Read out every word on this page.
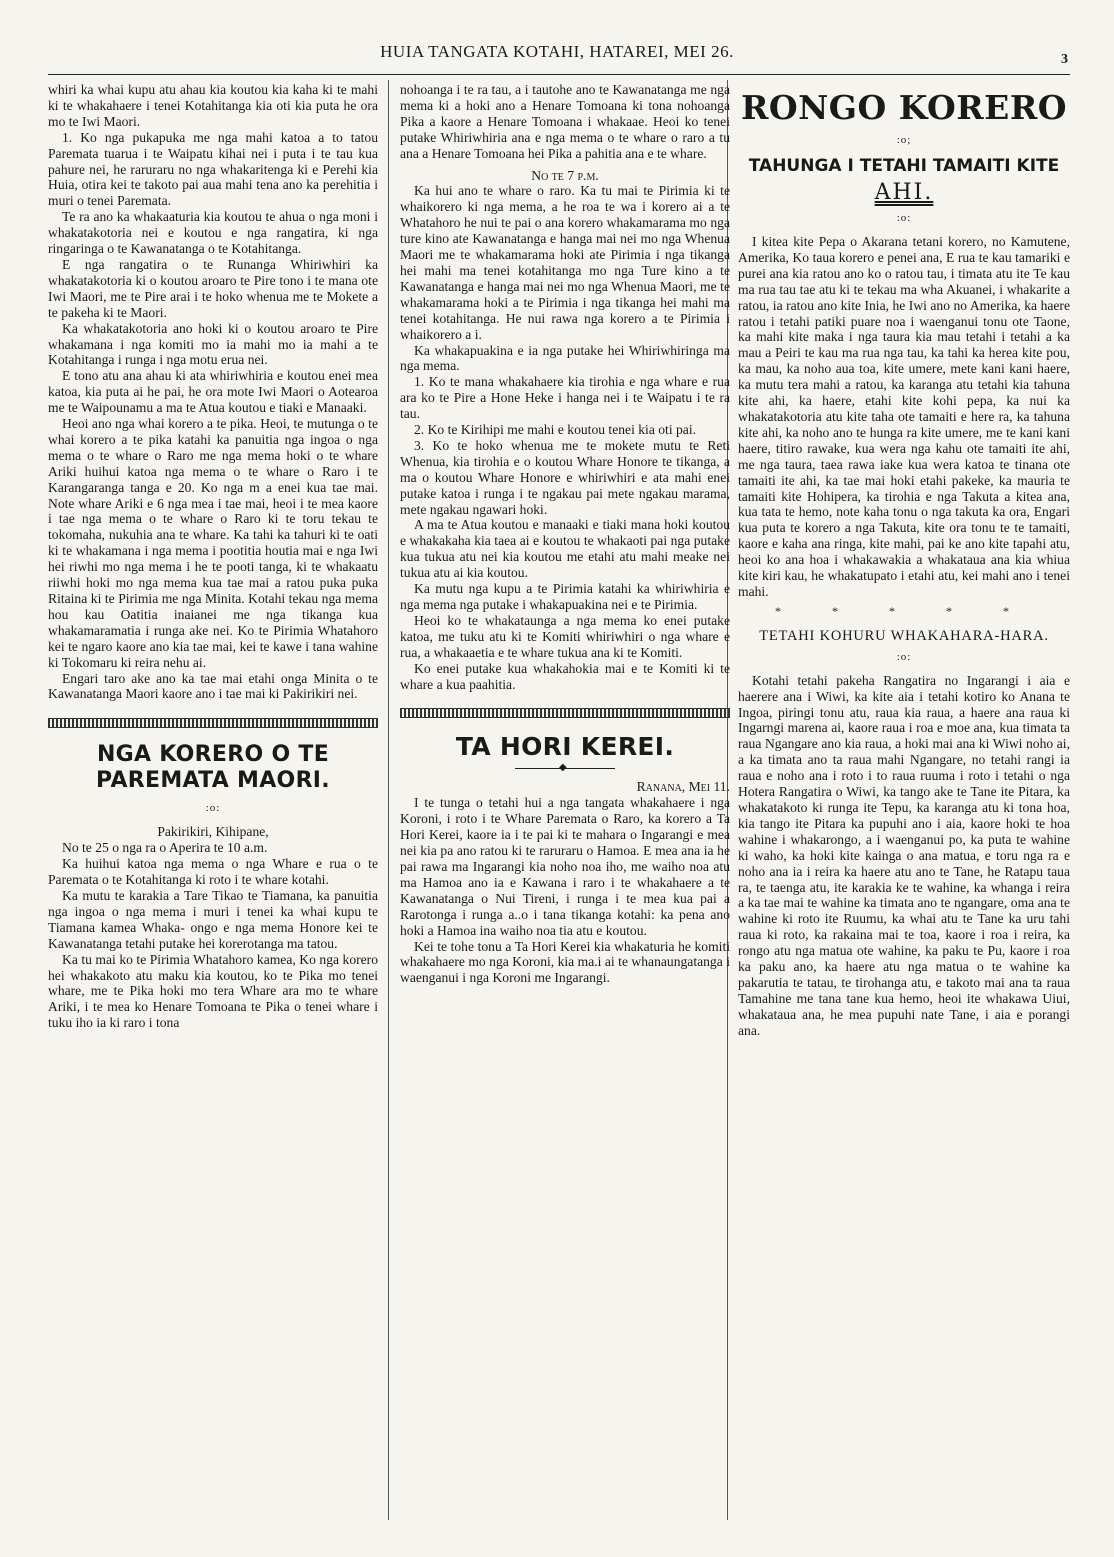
HUIA TANGATA KOTAHI, HATAREI, MEI 26.	3

whiri ka whai kupu atu ahau kia koutou kia kaha ki te mahi ki te whakahaere i tenei Kotahitanga kia oti kia puta he ora mo te Iwi Maori.

1. Ko nga pukapuka me nga mahi katoa a to tatou Paremata tuarua i te Waipatu kihai nei i puta i te tau kua pahure nei, he raruraru no nga whakaritenga ki e Perehi kia Huia, otira kei te takoto pai aua mahi tena ano ka perehitia i muri o tenei Paremata.

Te ra ano ka whakaaturia kia koutou te ahua o nga moni i whakatakotoria nei e koutou e nga rangatira, ki nga ringaringa o te Kawanatanga o te Kotahitanga.

E nga rangatira o te Runanga Whiriwhiri ka whakatakotoria ki o koutou aroaro te Pire tono i te mana ote Iwi Maori, me te Pire arai i te hoko whenua me te Mokete a te pakeha ki te Maori.

Ka whakatakotoria ano hoki ki o koutou aroaro te Pire whakamana i nga komiti mo ia mahi mo ia mahi a te Kotahitanga i runga i nga motu erua nei.

E tono atu ana ahau ki ata whiriwhiria e koutou enei mea katoa, kia puta ai he pai, he ora mote Iwi Maori o Aotearoa me te Waipounamu a ma te Atua koutou e tiaki e Manaaki.

Heoi ano nga whai korero a te pika. Heoi, te mutunga o te whai korero a te pika katahi ka panuitia nga ingoa o nga mema o te whare o Raro me nga mema hoki o te whare Ariki huihui katoa nga mema o te whare o Raro i te Karangaranga tanga e 20. Ko nga m a enei kua tae mai. Note whare Ariki e 6 nga mea i tae mai, heoi i te mea kaore i tae nga mema o te whare o Raro ki te toru tekau te tokomaha, nukuhia ana te whare. Ka tahi ka tahuri ki te oati ki te whakamana i nga mema i pootitia houtia mai e nga Iwi hei riwhi mo nga mema i he te pooti tanga, ki te whakaatu riiwhi hoki mo nga mema kua tae mai a ratou puka puka Ritaina ki te Pirimia me nga Minita. Kotahi tekau nga mema hou kau Oatitia inaianei me nga tikanga kua whakamaramatia i runga ake nei. Ko te Pirimia Whatahoro kei te ngaro kaore ano kia tae mai, kei te kawe i tana wahine ki Tokomaru ki reira nehu ai.

Engari taro ake ano ka tae mai etahi onga Minita o te Kawanatanga Maori kaore ano i tae mai ki Pakirikiri nei.

NGA KORERO O TE PAREMATA MAORI.
:o:

Pakirikiri, Kihipane,

No te 25 o nga ra o Aperira te 10 a.m.

Ka huihui katoa nga mema o nga Whare e rua o te Paremata o te Kotahitanga ki roto i te whare kotahi.

Ka mutu te karakia a Tare Tikao te Tiamana, ka panuitia nga ingoa o nga mema i muri i tenei ka whai kupu te Tiamana kamea Whaka- ongo e nga mema Honore kei te Kawanatanga tetahi putake hei korerotanga ma tatou.

Ka tu mai ko te Pirimia Whatahoro kamea, Ko nga korero hei whakakoto atu maku kia koutou, ko te Pika mo tenei whare, me te Pika hoki mo tera Whare ara mo te whare Ariki, i te mea ko Henare Tomoana te Pika o tenei whare i tuku iho ia ki raro i tona

nohoanga i te ra tau, a i tautohe ano te Kawanatanga me nga mema ki a hoki ano a Henare Tomoana ki tona nohoanga Pika a kaore a Henare Tomoana i whakaae. Heoi ko tenei putake Whiriwhiria ana e nga mema o te whare o raro a tu ana a Henare Tomoana hei Pika a pahitia ana e te whare.

No te 7 p.m.

Ka hui ano te whare o raro. Ka tu mai te Pirimia ki te whaikorero ki nga mema, a he roa te wa i korero ai a te Whatahoro he nui te pai o ana korero whakamarama mo nga ture kino ate Kawanatanga e hanga mai nei mo nga Whenua Maori me te whakamarama hoki ate Pirimia i nga tikanga hei mahi ma tenei kotahitanga mo nga Ture kino a te Kawanatanga e hanga mai nei mo nga Whenua Maori, me te whakamarama hoki a te Pirimia i nga tikanga hei mahi ma tenei kotahitanga. He nui rawa nga korero a te Pirimia i whaikorero a i.

Ka whakapuakina e ia nga putake hei Whiriwhiringa ma nga mema.

1. Ko te mana whakahaere kia tirohia e nga whare e rua ara ko te Pire a Hone Heke i hanga nei i te Waipatu i te ra tau.

2. Ko te Kirihipi me mahi e koutou tenei kia oti pai.

3. Ko te hoko whenua me te mokete mutu te Reti Whenua, kia tirohia e o koutou Whare Honore te tikanga, a ma o koutou Whare Honore e whiriwhiri e ata mahi enei putake katoa i runga i te ngakau pai mete ngakau marama, mete ngakau ngawari hoki.

A ma te Atua koutou e manaaki e tiaki mana hoki koutou e whakakaha kia taea ai e koutou te whakaoti pai nga putake kua tukua atu nei kia koutou me etahi atu mahi meake nei tukua atu ai kia koutou.

Ka mutu nga kupu a te Pirimia katahi ka whiriwhiria e nga mema nga putake i whakapuakina nei e te Pirimia.

Heoi ko te whakataunga a nga mema ko enei putake katoa, me tuku atu ki te Komiti whiriwhiri o nga whare e rua, a whakaaetia e te whare tukua ana ki te Komiti.

Ko enei putake kua whakahokia mai e te Komiti ki te whare a kua paahitia.

TA HORI KEREI.
◆

Ranana, Mei 11.

I te tunga o tetahi hui a nga tangata whakahaere i nga Koroni, i roto i te Whare Paremata o Raro, ka korero a Ta Hori Kerei, kaore ia i te pai ki te mahara o Ingarangi e mea nei kia pa ano ratou ki te raruraru o Hamoa. E mea ana ia he pai rawa ma Ingarangi kia noho noa iho, me waiho noa atu ma Hamoa ano ia e Kawana i raro i te whakahaere a te Kawanatanga o Nui Tireni, i runga i te mea kua pai a Rarotonga i runga a..o i tana tikanga kotahi: ka pena ano hoki a Hamoa ina waiho noa tia atu e koutou.

Kei te tohe tonu a Ta Hori Kerei kia whakaturia he komiti whakahaere mo nga Koroni, kia ma.i ai te whanaungatanga i waenganui i nga Koroni me Ingarangi.

RONGO KORERO
:o;
TAHUNGA I TETAHI TAMAITI KITE
AHI.
:o:

I kitea kite Pepa o Akarana tetani korero, no Kamutene, Amerika, Ko taua korero e penei ana, E rua te kau tamariki e purei ana kia ratou ano ko o ratou tau, i timata atu ite Te kau ma rua tau tae atu ki te tekau ma wha Akuanei, i whakarite a ratou, ia ratou ano kite Inia, he Iwi ano no Amerika, ka haere ratou i tetahi patiki puare noa i waenganui tonu ote Taone, ka mahi kite maka i nga taura kia mau tetahi i tetahi a ka mau a Peiri te kau ma rua nga tau, ka tahi ka herea kite pou, ka mau, ka noho aua toa, kite umere, mete kani kani haere, ka mutu tera mahi a ratou, ka karanga atu tetahi kia tahuna kite ahi, ka haere, etahi kite kohi pepa, ka nui ka whakatakotoria atu kite taha ote tamaiti e here ra, ka tahuna kite ahi, ka noho ano te hunga ra kite umere, me te kani kani haere, titiro rawake, kua wera nga kahu ote tamaiti ite ahi, me nga taura, taea rawa iake kua wera katoa te tinana ote tamaiti ite ahi, ka tae mai hoki etahi pakeke, ka mauria te tamaiti kite Hohipera, ka tirohia e nga Takuta a kitea ana, kua tata te hemo, note kaha tonu o nga takuta ka ora, Engari kua puta te korero a nga Takuta, kite ora tonu te te tamaiti, kaore e kaha ana ringa, kite mahi, pai ke ano kite tapahi atu, heoi ko ana hoa i whakawakia a whakataua ana kia whiua kite kiri kau, he whakatupato i etahi atu, kei mahi ano i tenei mahi.

* * * * *
TETAHI KOHURU WHAKAHARA-HARA.
:o:

Kotahi tetahi pakeha Rangatira no Ingarangi i aia e haerere ana i Wiwi, ka kite aia i tetahi kotiro ko Anana te Ingoa, piringi tonu atu, raua kia raua, a haere ana raua ki Ingarngi marena ai, kaore raua i roa e moe ana, kua timata ta raua Ngangare ano kia raua, a hoki mai ana ki Wiwi noho ai, a ka timata ano ta raua mahi Ngangare, no tetahi rangi ia raua e noho ana i roto i to raua ruuma i roto i tetahi o nga Hotera Rangatira o Wiwi, ka tango ake te Tane ite Pitara, ka whakatakoto ki runga ite Tepu, ka karanga atu ki tona hoa, kia tango ite Pitara ka pupuhi ano i aia, kaore hoki te hoa wahine i whakarongo, a i waenganui po, ka puta te wahine ki waho, ka hoki kite kainga o ana matua, e toru nga ra e noho ana ia i reira ka haere atu ano te Tane, he Ratapu taua ra, te taenga atu, ite karakia ke te wahine, ka whanga i reira a ka tae mai te wahine ka timata ano te ngangare, oma ana te wahine ki roto ite Ruumu, ka whai atu te Tane ka uru tahi raua ki roto, ka rakaina mai te toa, kaore i roa i reira, ka rongo atu nga matua ote wahine, ka paku te Pu, kaore i roa ka paku ano, ka haere atu nga matua o te wahine ka pakarutia te tatau, te tirohanga atu, e takoto mai ana ta raua Tamahine me tana tane kua hemo, heoi ite whakawa Uiui, whakataua ana, he mea pupuhi nate Tane, i aia e porangi ana.
